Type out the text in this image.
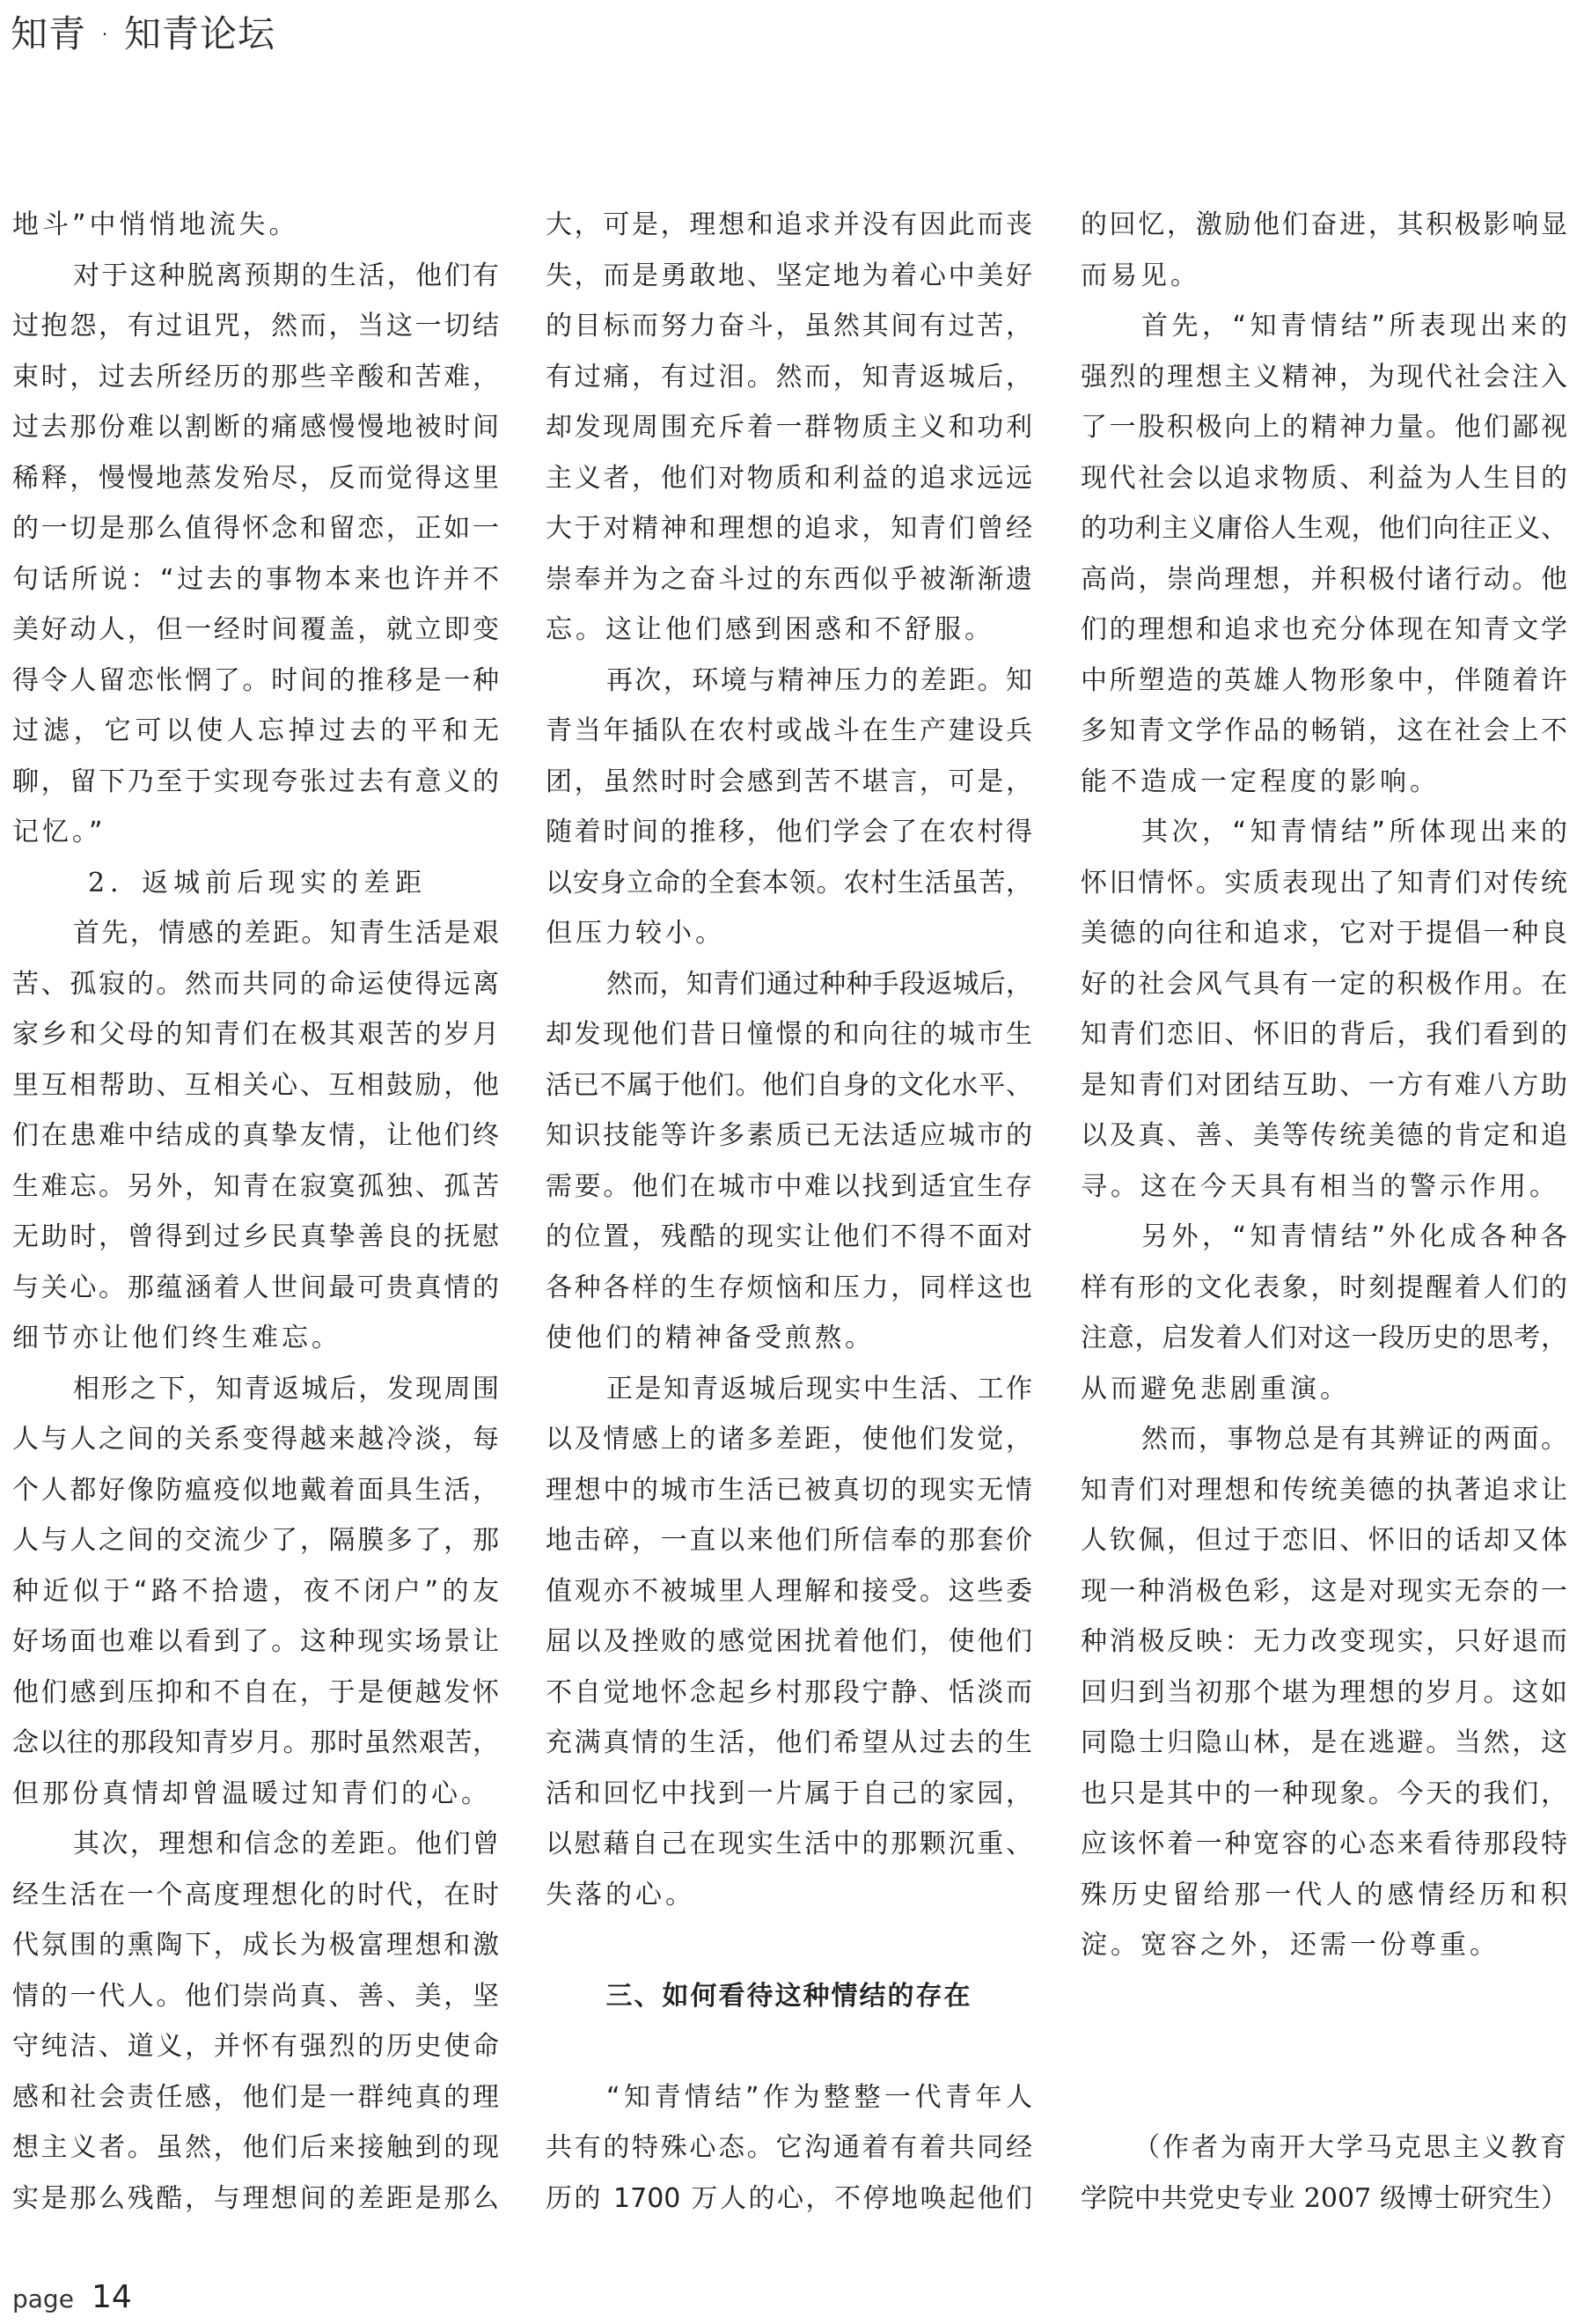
知青 · 知青论坛
地斗”中悄悄地流失。
对于这种脱离预期的生活，他们有
过抱怨，有过诅咒，然而，当这一切结
束时，过去所经历的那些辛酸和苦难，
过去那份难以割断的痛感慢慢地被时间
稀释，慢慢地蒸发殆尽，反而觉得这里
的一切是那么值得怀念和留恋，正如一
句话所说：“过去的事物本来也许并不
美好动人，但一经时间覆盖，就立即变
得令人留恋怅惘了。时间的推移是一种
过滤，它可以使人忘掉过去的平和无
聊，留下乃至于实现夸张过去有意义的
记忆。”
2．返城前后现实的差距
首先，情感的差距。知青生活是艰
苦、孤寂的。然而共同的命运使得远离
家乡和父母的知青们在极其艰苦的岁月
里互相帮助、互相关心、互相鼓励，他
们在患难中结成的真挚友情，让他们终
生难忘。另外，知青在寂寞孤独、孤苦
无助时，曾得到过乡民真挚善良的抚慰
与关心。那蕴涵着人世间最可贵真情的
细节亦让他们终生难忘。
相形之下，知青返城后，发现周围
人与人之间的关系变得越来越冷淡，每
个人都好像防瘟疫似地戴着面具生活，
人与人之间的交流少了，隔膜多了，那
种近似于“路不拾遗，夜不闭户”的友
好场面也难以看到了。这种现实场景让
他们感到压抑和不自在，于是便越发怀
念以往的那段知青岁月。那时虽然艰苦，
但那份真情却曾温暖过知青们的心。
其次，理想和信念的差距。他们曾
经生活在一个高度理想化的时代，在时
代氛围的熏陶下，成长为极富理想和激
情的一代人。他们崇尚真、善、美，坚
守纯洁、道义，并怀有强烈的历史使命
感和社会责任感，他们是一群纯真的理
想主义者。虽然，他们后来接触到的现
实是那么残酷，与理想间的差距是那么
大，可是，理想和追求并没有因此而丧
失，而是勇敢地、坚定地为着心中美好
的目标而努力奋斗，虽然其间有过苦，
有过痛，有过泪。然而，知青返城后，
却发现周围充斥着一群物质主义和功利
主义者，他们对物质和利益的追求远远
大于对精神和理想的追求，知青们曾经
崇奉并为之奋斗过的东西似乎被渐渐遗
忘。这让他们感到困惑和不舒服。
再次，环境与精神压力的差距。知
青当年插队在农村或战斗在生产建设兵
团，虽然时时会感到苦不堪言，可是，
随着时间的推移，他们学会了在农村得
以安身立命的全套本领。农村生活虽苦，
但压力较小。
然而，知青们通过种种手段返城后，
却发现他们昔日憧憬的和向往的城市生
活已不属于他们。他们自身的文化水平、
知识技能等许多素质已无法适应城市的
需要。他们在城市中难以找到适宜生存
的位置，残酷的现实让他们不得不面对
各种各样的生存烦恼和压力，同样这也
使他们的精神备受煎熬。
正是知青返城后现实中生活、工作
以及情感上的诸多差距，使他们发觉，
理想中的城市生活已被真切的现实无情
地击碎，一直以来他们所信奉的那套价
值观亦不被城里人理解和接受。这些委
屈以及挫败的感觉困扰着他们，使他们
不自觉地怀念起乡村那段宁静、恬淡而
充满真情的生活，他们希望从过去的生
活和回忆中找到一片属于自己的家园，
以慰藉自己在现实生活中的那颗沉重、
失落的心。
三、如何看待这种情结的存在
“知青情结”作为整整一代青年人
共有的特殊心态。它沟通着有着共同经
历的 1700 万人的心，不停地唤起他们
的回忆，激励他们奋进，其积极影响显
而易见。
首先，“知青情结”所表现出来的
强烈的理想主义精神，为现代社会注入
了一股积极向上的精神力量。他们鄙视
现代社会以追求物质、利益为人生目的
的功利主义庸俗人生观，他们向往正义、
高尚，崇尚理想，并积极付诸行动。他
们的理想和追求也充分体现在知青文学
中所塑造的英雄人物形象中，伴随着许
多知青文学作品的畅销，这在社会上不
能不造成一定程度的影响。
其次，“知青情结”所体现出来的
怀旧情怀。实质表现出了知青们对传统
美德的向往和追求，它对于提倡一种良
好的社会风气具有一定的积极作用。在
知青们恋旧、怀旧的背后，我们看到的
是知青们对团结互助、一方有难八方助
以及真、善、美等传统美德的肯定和追
寻。这在今天具有相当的警示作用。
另外，“知青情结”外化成各种各
样有形的文化表象，时刻提醒着人们的
注意，启发着人们对这一段历史的思考，
从而避免悲剧重演。
然而，事物总是有其辨证的两面。
知青们对理想和传统美德的执著追求让
人钦佩，但过于恋旧、怀旧的话却又体
现一种消极色彩，这是对现实无奈的一
种消极反映：无力改变现实，只好退而
回归到当初那个堪为理想的岁月。这如
同隐士归隐山林，是在逃避。当然，这
也只是其中的一种现象。今天的我们，
应该怀着一种宽容的心态来看待那段特
殊历史留给那一代人的感情经历和积
淀。宽容之外，还需一份尊重。
（作者为南开大学马克思主义教育
学院中共党史专业 2007 级博士研究生）
page 14
